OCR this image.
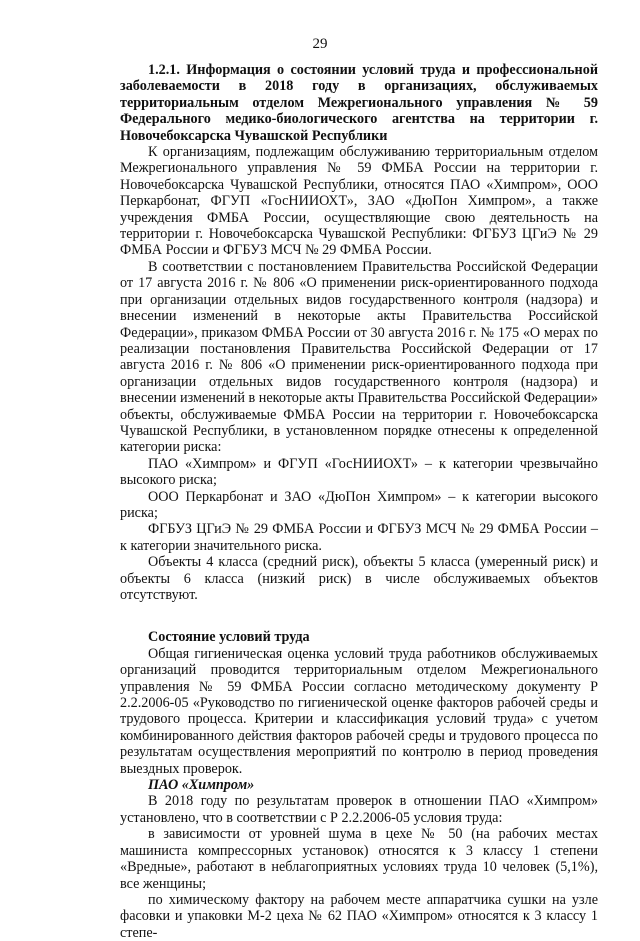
29

1.2.1. Информация о состоянии условий труда и профессиональной заболеваемости в 2018 году в организациях, обслуживаемых территориальным отделом Межрегионального управления № 59 Федерального медико-биологического агентства на территории г. Новочебоксарска Чувашской Республики

К организациям, подлежащим обслуживанию территориальным отделом Межрегионального управления № 59 ФМБА России на территории г. Новочебоксарска Чувашской Республики, относятся ПАО «Химпром», ООО Перкарбонат, ФГУП «ГосНИИОХТ», ЗАО «ДюПон Химпром», а также учреждения ФМБА России, осуществляющие свою деятельность на территории г. Новочебоксарска Чувашской Республики: ФГБУЗ ЦГиЭ № 29 ФМБА России и ФГБУЗ МСЧ № 29 ФМБА России.

В соответствии с постановлением Правительства Российской Федерации от 17 августа 2016 г. № 806 «О применении риск-ориентированного подхода при организации отдельных видов государственного контроля (надзора) и внесении изменений в некоторые акты Правительства Российской Федерации», приказом ФМБА России от 30 августа 2016 г. № 175 «О мерах по реализации постановления Правительства Российской Федерации от 17 августа 2016 г. № 806 «О применении риск-ориентированного подхода при организации отдельных видов государственного контроля (надзора) и внесении изменений в некоторые акты Правительства Российской Федерации» объекты, обслуживаемые ФМБА России на территории г. Новочебоксарска Чувашской Республики, в установленном порядке отнесены к определенной категории риска:

ПАО «Химпром» и ФГУП «ГосНИИОХТ» – к категории чрезвычайно высокого риска;

ООО Перкарбонат и ЗАО «ДюПон Химпром» – к категории высокого риска;

ФГБУЗ ЦГиЭ № 29 ФМБА России и ФГБУЗ МСЧ № 29 ФМБА России – к категории значительного риска.

Объекты 4 класса (средний риск), объекты 5 класса (умеренный риск) и объекты 6 класса (низкий риск) в числе обслуживаемых объектов отсутствуют.

Состояние условий труда

Общая гигиеническая оценка условий труда работников обслуживаемых организаций проводится территориальным отделом Межрегионального управления № 59 ФМБА России согласно методическому документу Р 2.2.2006-05 «Руководство по гигиенической оценке факторов рабочей среды и трудового процесса. Критерии и классификация условий труда» с учетом комбинированного действия факторов рабочей среды и трудового процесса по результатам осуществления мероприятий по контролю в период проведения выездных проверок.

ПАО «Химпром»

В 2018 году по результатам проверок в отношении ПАО «Химпром» установлено, что в соответствии с Р 2.2.2006-05 условия труда:

в зависимости от уровней шума в цехе № 50 (на рабочих местах машиниста компрессорных установок) относятся к 3 классу 1 степени «Вредные», работают в неблагоприятных условиях труда 10 человек (5,1%), все женщины;

по химическому фактору на рабочем месте аппаратчика сушки на узле фасовки и упаковки М-2 цеха № 62 ПАО «Химпром» относятся к 3 классу 1 степе-
